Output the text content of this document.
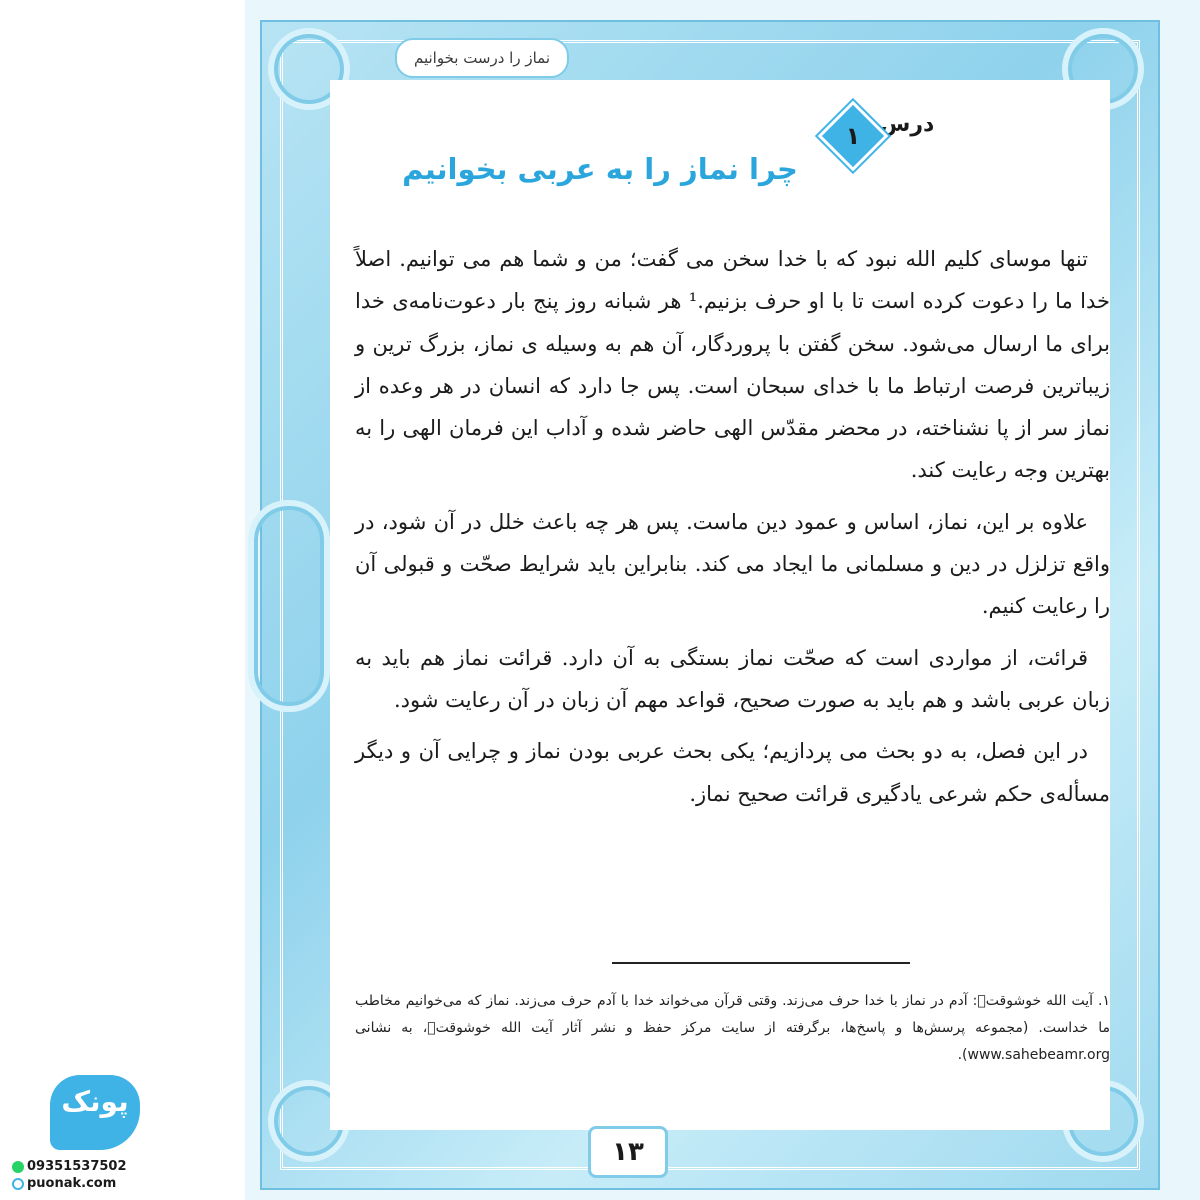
نماز را درست بخوانیم
درس
۱
چرا نماز را به عربی بخوانیم

تنها موسای کلیم الله نبود که با خدا سخن می گفت؛ من و شما هم می توانیم. اصلاً خدا ما را دعوت کرده است تا با او حرف بزنیم.¹ هر شبانه روز پنج بار دعوت‌نامه‌ی خدا برای ما ارسال می‌شود. سخن گفتن با پروردگار، آن هم به وسیله‌ ی نماز، بزرگ ترین و زیباترین فرصت ارتباط ما با خدای سبحان است. پس جا دارد که انسان در هر وعده از نماز سر از پا نشناخته، در محضر مقدّس الهی حاضر شده و آداب این فرمان الهی را به بهترین وجه رعایت کند.

علاوه بر این، نماز، اساس و عمود دین ماست. پس هر چه باعث خلل در آن شود، در واقع تزلزل در دین و مسلمانی ما ایجاد می کند. بنابراین باید شرایط صحّت و قبولی آن را رعایت کنیم.

قرائت، از مواردی است که صحّت نماز بستگی به آن دارد. قرائت نماز هم باید به زبان عربی باشد و هم باید به صورت صحیح، قواعد مهم آن زبان در آن رعایت شود.

در این فصل، به دو بحث می پردازیم؛ یکی بحث عربی بودن نماز و چرایی آن و دیگر مسأله‌ی حکم شرعی یادگیری قرائت صحیح نماز.

۱. آیت الله خوشوقت﷫: آدم در نماز با خدا حرف می‌زند. وقتی قرآن می‌خواند خدا با آدم حرف می‌زند. نماز که می‌خوانیم مخاطب ما خداست. (مجموعه پرسش‌ها و پاسخ‌ها، برگرفته از سایت مرکز حفظ و نشر آثار آیت الله خوشوقت﷫، به نشانی www.sahebeamr.org).

۱۳
پونک
09351537502
puonak.com
